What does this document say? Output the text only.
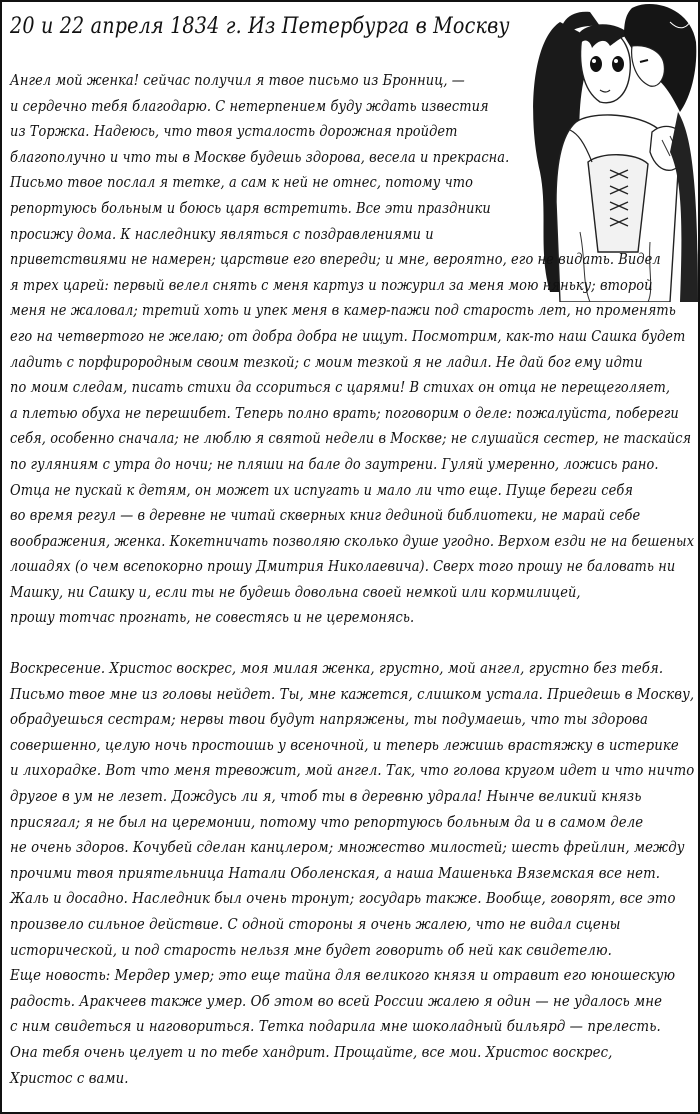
20 и 22 апреля 1834 г. Из Петербурга в Москву
Ангел мой женка! сейчас получил я твое письмо из Бронниц, —
и сердечно тебя благодарю. С нетерпением буду ждать известия
из Торжка. Надеюсь, что твоя усталость дорожная пройдет
благополучно и что ты в Москве будешь здорова, весела и прекрасна.
Письмо твое послал я тетке, а сам к ней не отнес, потому что
репортуюсь больным и боюсь царя встретить. Все эти праздники
просижу дома. К наследнику являться с поздравлениями и
приветствиями не намерен; царствие его впереди; и мне, вероятно, его не видать. Видел
я трех царей: первый велел снять с меня картуз и пожурил за меня мою няньку; второй
меня не жаловал; третий хоть и упек меня в камер-пажи под старость лет, но променять
его на четвертого не желаю; от добра добра не ищут. Посмотрим, как-то наш Сашка будет
ладить с порфирородным своим тезкой; с моим тезкой я не ладил. Не дай бог ему идти
по моим следам, писать стихи да ссориться с царями! В стихах он отца не перещеголяет,
а плетью обуха не перешибет. Теперь полно врать; поговорим о деле: пожалуйста, побереги
себя, особенно сначала; не люблю я святой недели в Москве; не слушайся сестер, не таскайся
по гуляниям с утра до ночи; не пляши на бале до заутрени. Гуляй умеренно, ложись рано.
Отца не пускай к детям, он может их испугать и мало ли что еще. Пуще береги себя
во время регул — в деревне не читай скверных книг дединой библиотеки, не марай себе
воображения, женка. Кокетничать позволяю сколько душе угодно. Верхом езди не на бешеных
лошадях (о чем всепокорно прошу Дмитрия Николаевича). Сверх того прошу не баловать ни
Машку, ни Сашку и, если ты не будешь довольна своей немкой или кормилицей,
прошу тотчас прогнать, не совестясь и не церемонясь.
Воскресение. Христос воскрес, моя милая женка, грустно, мой ангел, грустно без тебя.
Письмо твое мне из головы нейдет. Ты, мне кажется, слишком устала. Приедешь в Москву,
обрадуешься сестрам; нервы твои будут напряжены, ты подумаешь, что ты здорова
совершенно, целую ночь простоишь у всеночной, и теперь лежишь врастяжку в истерике
и лихорадке. Вот что меня тревожит, мой ангел. Так, что голова кругом идет и что ничто
другое в ум не лезет. Дождусь ли я, чтоб ты в деревню удрала! Нынче великий князь
присягал; я не был на церемонии, потому что репортуюсь больным да и в самом деле
не очень здоров. Кочубей сделан канцлером; множество милостей; шесть фрейлин, между
прочими твоя приятельница Натали Оболенская, а наша Машенька Вяземская все нет.
Жаль и досадно. Наследник был очень тронут; государь также. Вообще, говорят, все это
произвело сильное действие. С одной стороны я очень жалею, что не видал сцены
исторической, и под старость нельзя мне будет говорить об ней как свидетелю.
Еще новость: Мердер умер; это еще тайна для великого князя и отравит его юношескую
радость. Аракчеев также умер. Об этом во всей России жалею я один — не удалось мне
с ним свидеться и наговориться. Тетка подарила мне шоколадный бильярд — прелесть.
Она тебя очень целует и по тебе хандрит. Прощайте, все мои. Христос воскрес,
Христос с вами.
